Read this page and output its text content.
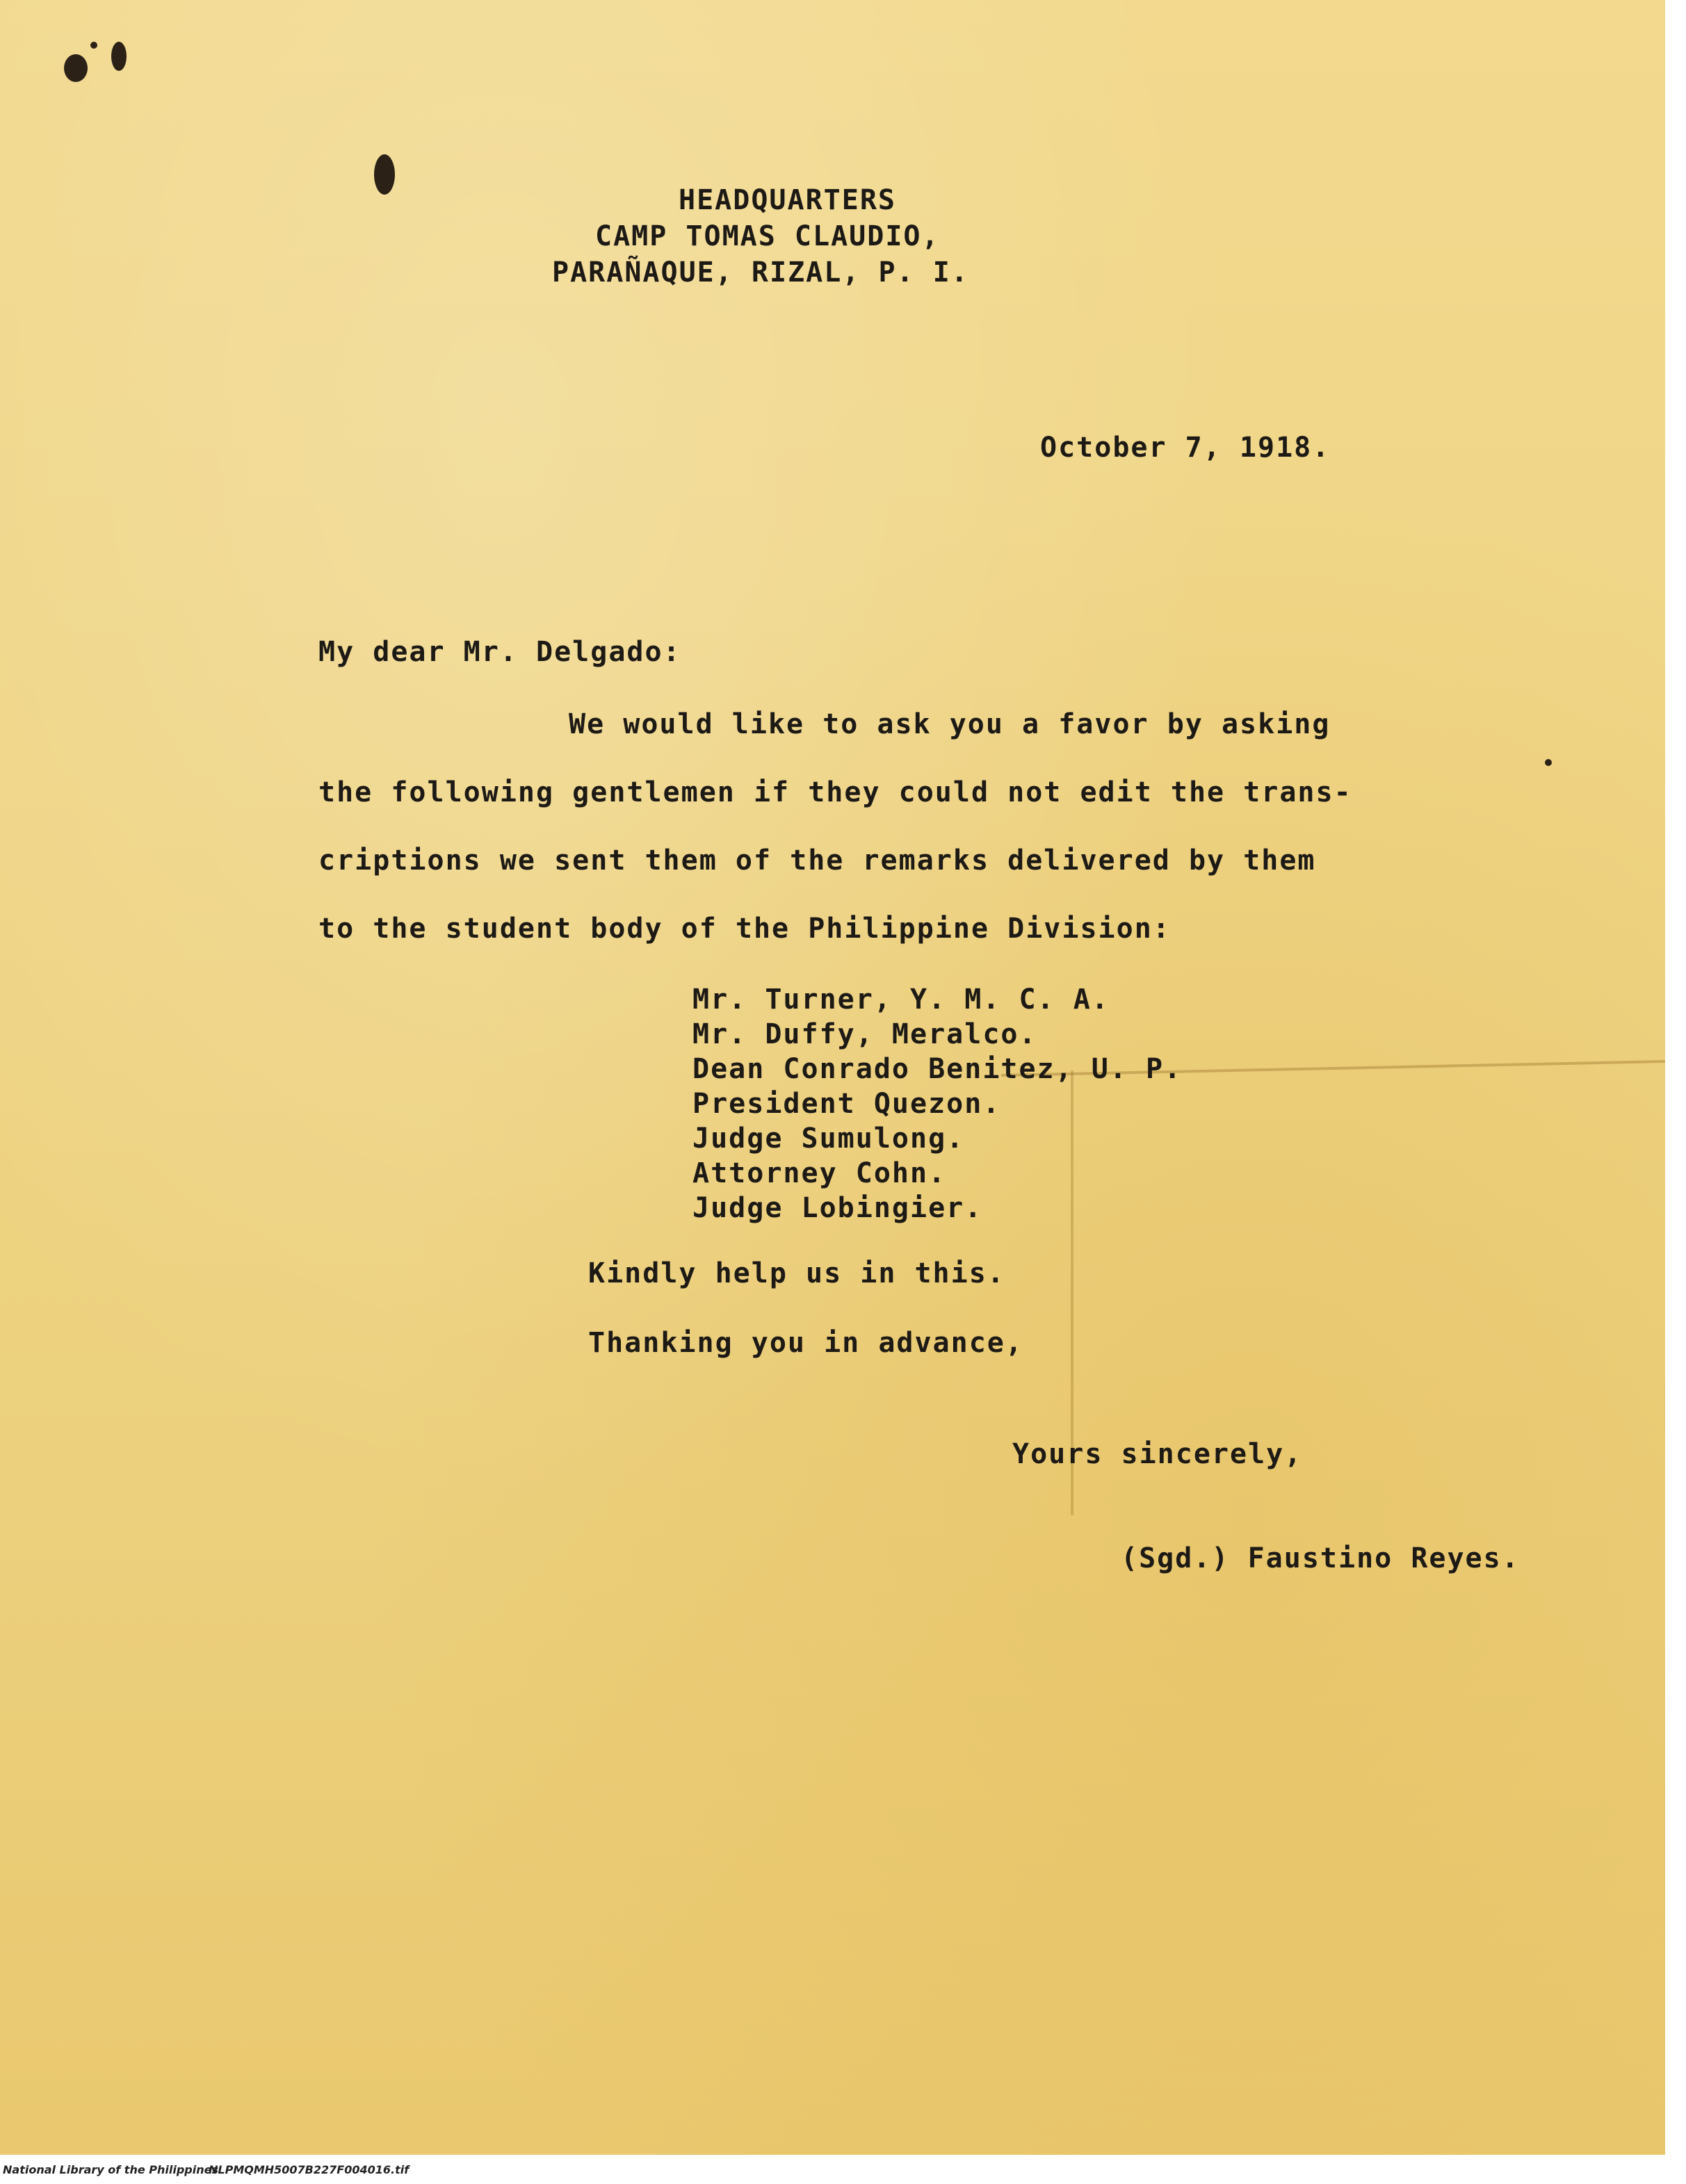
HEADQUARTERS
CAMP TOMAS CLAUDIO,
PARAÑAQUE, RIZAL, P. I.
October 7, 1918.
My dear Mr. Delgado:
We would like to ask you a favor by asking
the following gentlemen if they could not edit the trans-
criptions we sent them of the remarks delivered by them
to the student body of the Philippine Division:
Mr. Turner, Y. M. C. A.
Mr. Duffy, Meralco.
Dean Conrado Benitez, U. P.
President Quezon.
Judge Sumulong.
Attorney Cohn.
Judge Lobingier.
Kindly help us in this.
Thanking you in advance,
Yours sincerely,
(Sgd.) Faustino Reyes.
National Library of the Philippines
NLPMQMH5007B227F004016.tif
